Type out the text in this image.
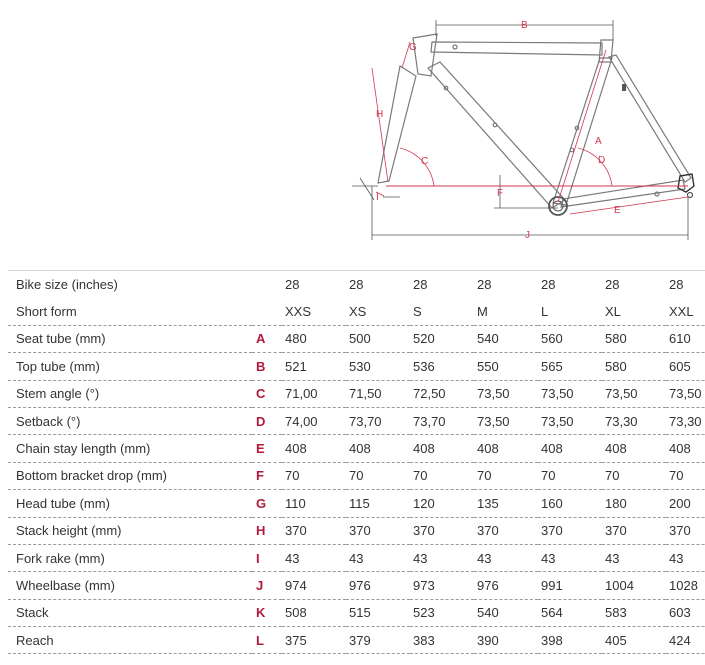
B
G
H
C
A
D
F
I
E
J
Bike size (inches)		28	28	28	28	28	28	28
Short form		XXS	XS	S	M	L	XL	XXL
Seat tube (mm)	A	480	500	520	540	560	580	610
Top tube (mm)	B	521	530	536	550	565	580	605
Stem angle (°)	C	71,00	71,50	72,50	73,50	73,50	73,50	73,50
Setback (°)	D	74,00	73,70	73,70	73,50	73,50	73,30	73,30
Chain stay length (mm)	E	408	408	408	408	408	408	408
Bottom bracket drop (mm)	F	70	70	70	70	70	70	70
Head tube (mm)	G	110	115	120	135	160	180	200
Stack height (mm)	H	370	370	370	370	370	370	370
Fork rake (mm)	I	43	43	43	43	43	43	43
Wheelbase (mm)	J	974	976	973	976	991	1004	1028
Stack	K	508	515	523	540	564	583	603
Reach	L	375	379	383	390	398	405	424
